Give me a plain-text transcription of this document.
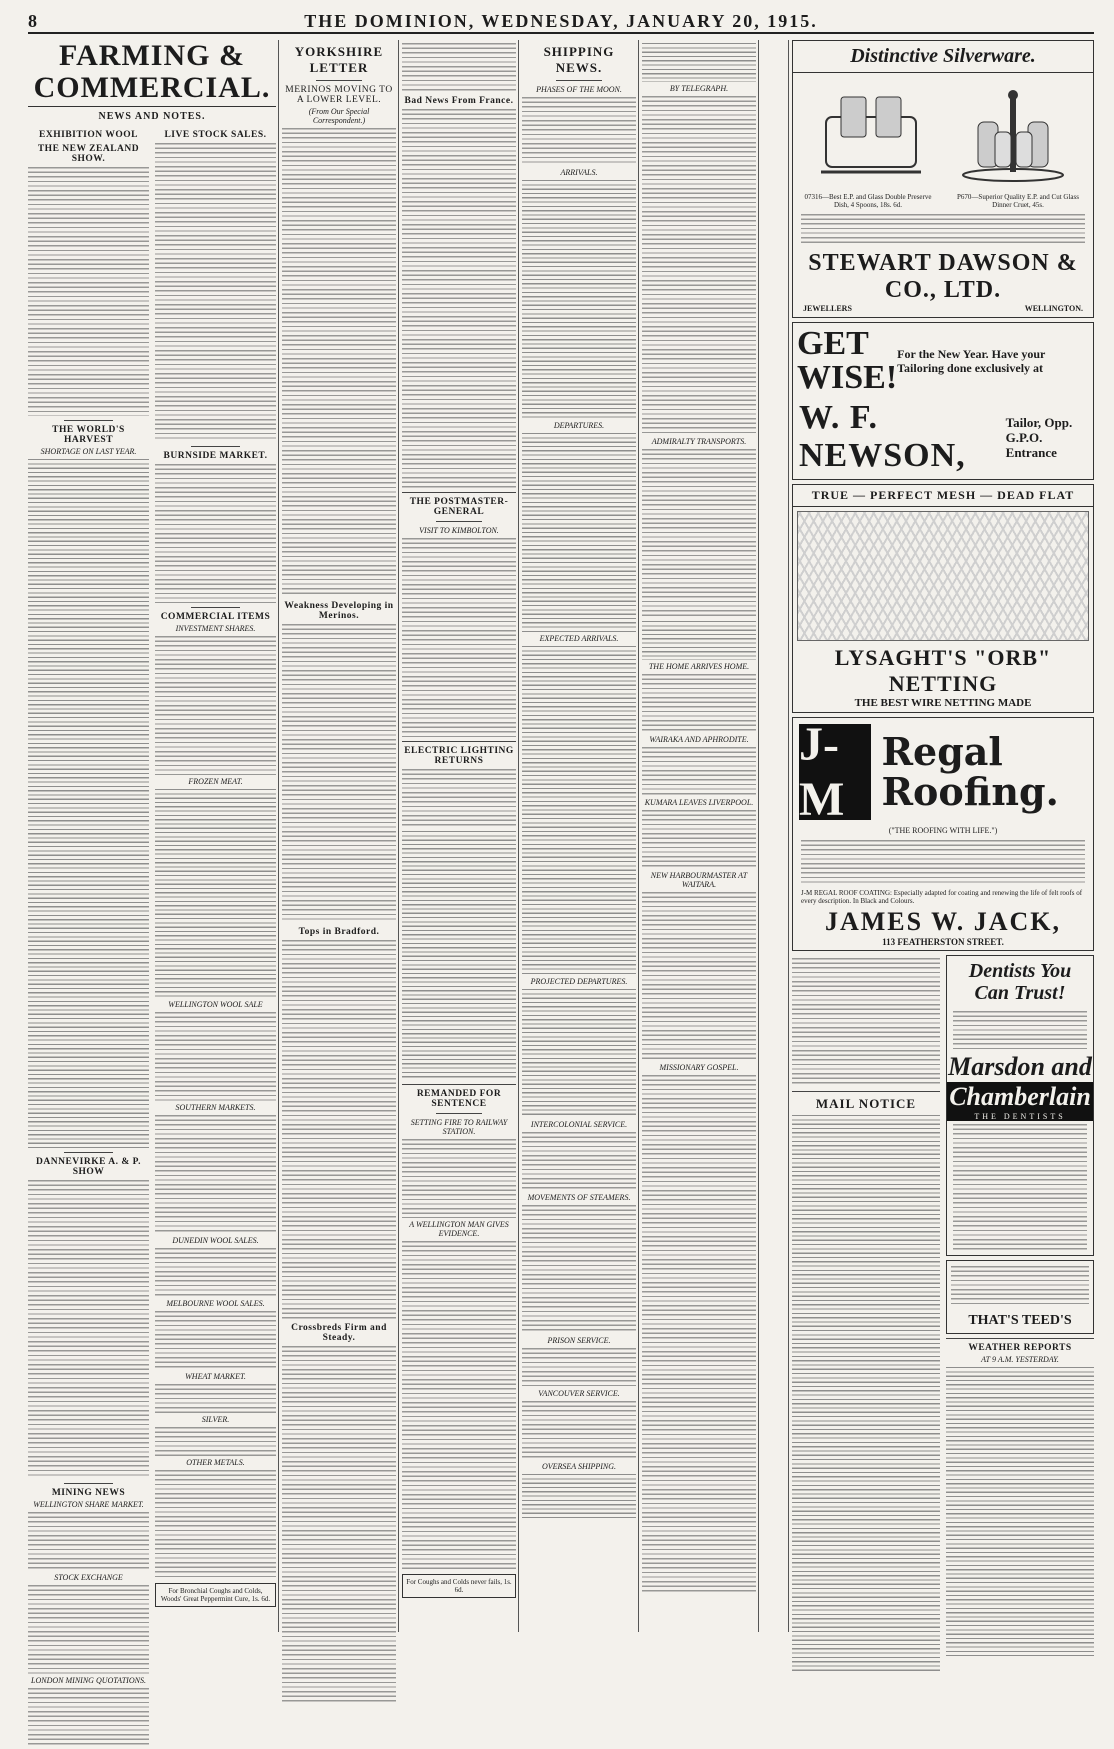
8	THE DOMINION, WEDNESDAY, JANUARY 20, 1915.
FARMING & COMMERCIAL.
NEWS AND NOTES.
EXHIBITION WOOL
THE NEW ZEALAND SHOW.
THE WORLD'S HARVEST
SHORTAGE ON LAST YEAR.
DANNEVIRKE A. & P. SHOW
MINING NEWS
WELLINGTON SHARE MARKET.
STOCK EXCHANGE
LONDON MINING QUOTATIONS.
LIVE STOCK SALES.
BURNSIDE MARKET.
COMMERCIAL ITEMS
INVESTMENT SHARES.
FROZEN MEAT.
WELLINGTON WOOL SALE
SOUTHERN MARKETS.
DUNEDIN WOOL SALES.
MELBOURNE WOOL SALES.
WHEAT MARKET.
SILVER.
OTHER METALS.
For Bronchial Coughs and Colds, Woods' Great Peppermint Cure, 1s. 6d.
YORKSHIRE LETTER
MERINOS MOVING TO A LOWER LEVEL.
(From Our Special Correspondent.)
Weakness Developing in Merinos.
Tops in Bradford.
Crossbreds Firm and Steady.
Bad News From France.
THE POSTMASTER-GENERAL
VISIT TO KIMBOLTON.
ELECTRIC LIGHTING RETURNS
REMANDED FOR SENTENCE
SETTING FIRE TO RAILWAY STATION.
A WELLINGTON MAN GIVES EVIDENCE.
For Coughs and Colds never fails, 1s. 6d.
SHIPPING NEWS.
PHASES OF THE MOON.
ARRIVALS.
DEPARTURES.
EXPECTED ARRIVALS.
PROJECTED DEPARTURES.
INTERCOLONIAL SERVICE.
MOVEMENTS OF STEAMERS.
PRISON SERVICE.
VANCOUVER SERVICE.
OVERSEA SHIPPING.
BY TELEGRAPH.
ADMIRALTY TRANSPORTS.
THE HOME ARRIVES HOME.
WAIRAKA AND APHRODITE.
KUMARA LEAVES LIVERPOOL.
NEW HARBOURMASTER AT WAITARA.
MISSIONARY GOSPEL.
Distinctive Silverware.
07316—Best E.P. and Glass Double Preserve Dish, 4 Spoons, 18s. 6d.
P670—Superior Quality E.P. and Cut Glass Dinner Cruet, 45s.
STEWART DAWSON & CO., LTD.
JEWELLERS	WELLINGTON.
GET WISE!
For the New Year. Have your Tailoring done exclusively at
W. F. NEWSON,
Tailor, Opp. G.P.O. Entrance
TRUE — PERFECT MESH — DEAD FLAT
LYSAGHT'S "ORB" NETTING
THE BEST WIRE NETTING MADE
J-M
Regal Roofing.
("THE ROOFING WITH LIFE.")
J-M REGAL ROOF COATING: Especially adapted for coating and renewing the life of felt roofs of every description. In Black and Colours.
JAMES W. JACK,
113 FEATHERSTON STREET.
MAIL NOTICE
Dentists You Can Trust!
Marsdon and
Chamberlain
THE DENTISTS
THAT'S TEED'S
WEATHER REPORTS
AT 9 A.M. YESTERDAY.
